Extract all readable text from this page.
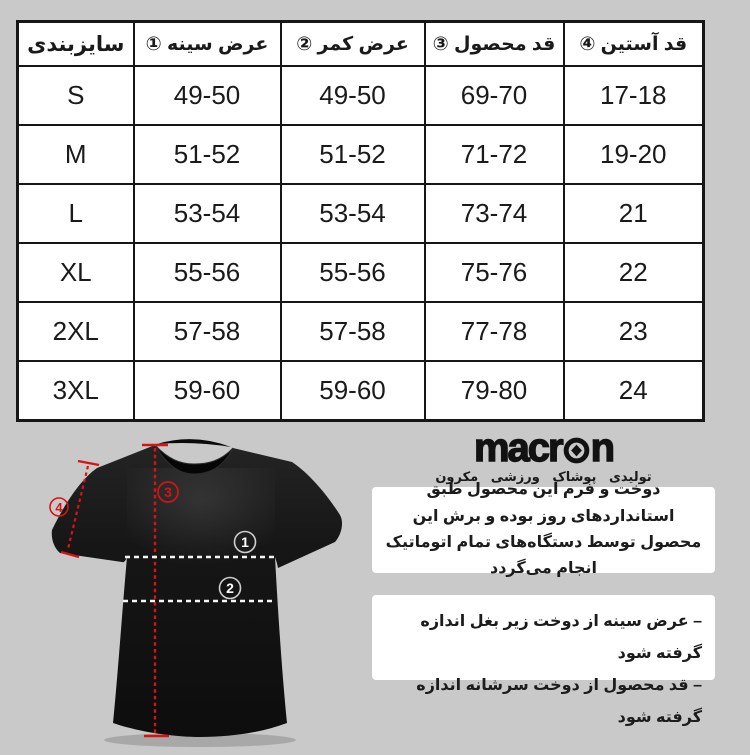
سایزبندی	عرض سینه ①	عرض کمر ②	قد محصول ③	قد آستین ④
S	49-50	49-50	69-70	17-18
M	51-52	51-52	71-72	19-20
L	53-54	53-54	73-74	21
XL	55-56	55-56	75-76	22
2XL	57-58	57-58	77-78	23
3XL	59-60	59-60	79-80	24
3
4
1
2
macr n
تولیدی پوشاک ورزشی مکرون

دوخت و فرم این محصول طبق استانداردهای روز بوده و برش این محصول توسط دستگاه‌های تمام اتوماتیک انجام می‌گردد

– عرض سینه از دوخت زیر بغل اندازه گرفته شود

– قد محصول از دوخت سرشانه اندازه گرفته شود
